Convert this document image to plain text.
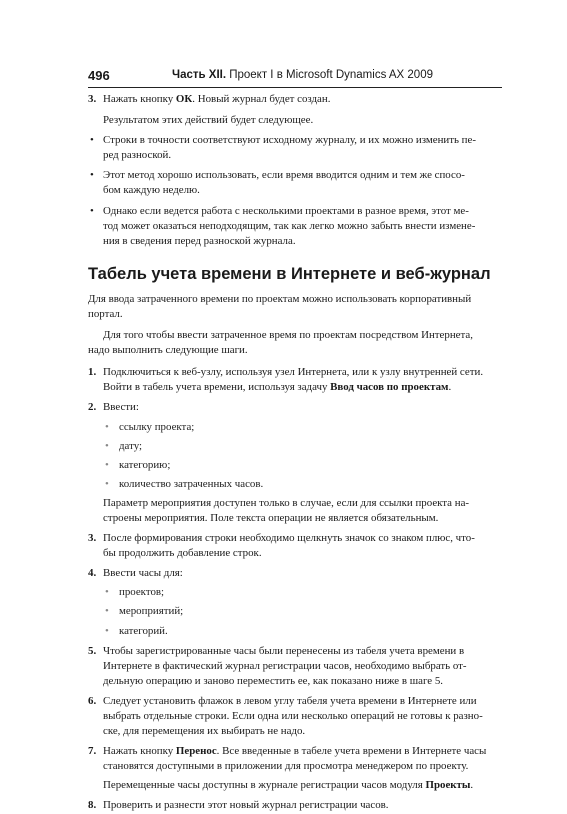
496	Часть XII. Проект I в Microsoft Dynamics AX 2009

3. Нажать кнопку ОК. Новый журнал будет создан.

Результатом этих действий будет следующее.

• Строки в точности соответствуют исходному журналу, и их можно изменить пе-
ред разноской.
• Этот метод хорошо использовать, если время вводится одним и тем же спосо-
бом каждую неделю.
• Однако если ведется работа с несколькими проектами в разное время, этот ме-
тод может оказаться неподходящим, так как легко можно забыть внести измене-
ния в сведения перед разноской журнала.
Табель учета времени в Интернете и веб-журнал

Для ввода затраченного времени по проектам можно использовать корпоративный
портал.

Для того чтобы ввести затраченное время по проектам посредством Интернета,
надо выполнить следующие шаги.

1. Подключиться к веб-узлу, используя узел Интернета, или к узлу внутренней сети.
Войти в табель учета времени, используя задачу Ввод часов по проектам.
2. Ввести:
• ссылку проекта;
• дату;
• категорию;
• количество затраченных часов.

Параметр мероприятия доступен только в случае, если для ссылки проекта на-
строены мероприятия. Поле текста операции не является обязательным.

3. После формирования строки необходимо щелкнуть значок со знаком плюс, что-
бы продолжить добавление строк.
4. Ввести часы для:
• проектов;
• мероприятий;
• категорий.
5. Чтобы зарегистрированные часы были перенесены из табеля учета времени в
Интернете в фактический журнал регистрации часов, необходимо выбрать от-
дельную операцию и заново переместить ее, как показано ниже в шаге 5.
6. Следует установить флажок в левом углу табеля учета времени в Интернете или
выбрать отдельные строки. Если одна или несколько операций не готовы к разно-
ске, для перемещения их выбирать не надо.
7. Нажать кнопку Перенос. Все введенные в табеле учета времени в Интернете часы
становятся доступными в приложении для просмотра менеджером по проекту.

Перемещенные часы доступны в журнале регистрации часов модуля Проекты.

8. Проверить и разнести этот новый журнал регистрации часов.
